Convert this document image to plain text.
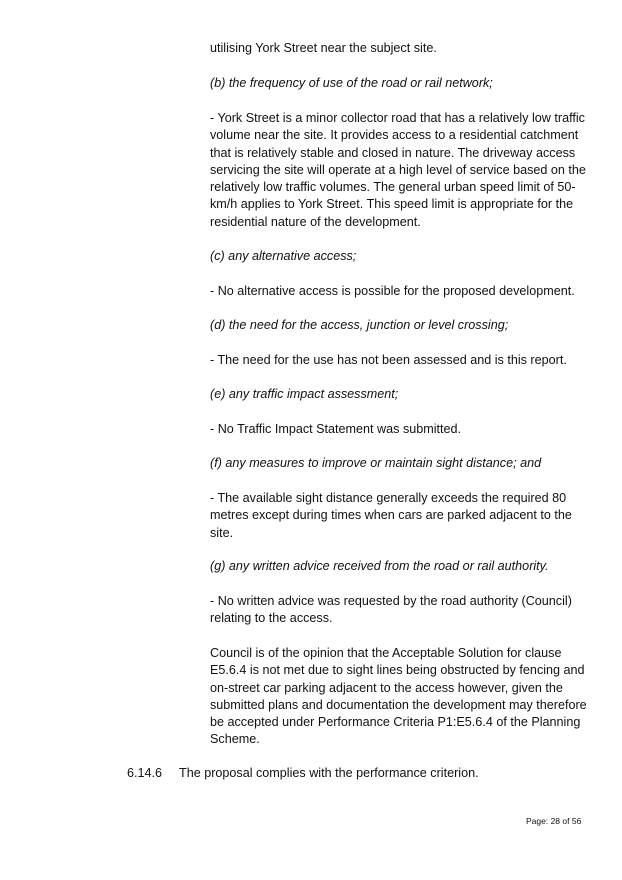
utilising York Street near the subject site.

(b) the frequency of use of the road or rail network;

- York Street is a minor collector road that has a relatively low traffic
volume near the site. It provides access to a residential catchment
that is relatively stable and closed in nature. The driveway access
servicing the site will operate at a high level of service based on the
relatively low traffic volumes. The general urban speed limit of 50-
km/h applies to York Street. This speed limit is appropriate for the
residential nature of the development.

(c) any alternative access;

- No alternative access is possible for the proposed development.

(d) the need for the access, junction or level crossing;

- The need for the use has not been assessed and is this report.

(e) any traffic impact assessment;

- No Traffic Impact Statement was submitted.

(f) any measures to improve or maintain sight distance; and

- The available sight distance generally exceeds the required 80
metres except during times when cars are parked adjacent to the
site.

(g) any written advice received from the road or rail authority.

- No written advice was requested by the road authority (Council)
relating to the access.

Council is of the opinion that the Acceptable Solution for clause
E5.6.4 is not met due to sight lines being obstructed by fencing and
on-street car parking adjacent to the access however, given the
submitted plans and documentation the development may therefore
be accepted under Performance Criteria P1:E5.6.4 of the Planning
Scheme.

6.14.6 The proposal complies with the performance criterion.
Page: 28 of 56
